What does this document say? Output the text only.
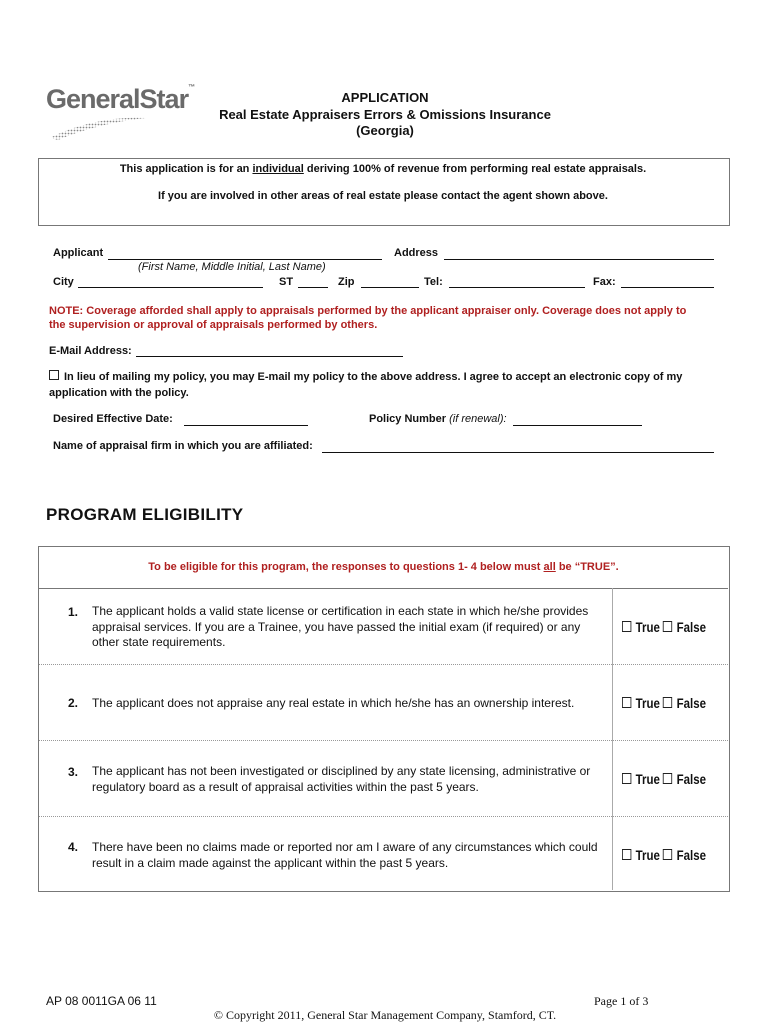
GeneralStar™
APPLICATION
Real Estate Appraisers Errors & Omissions Insurance
(Georgia)
This application is for an individual deriving 100% of revenue from performing real estate appraisals.
If you are involved in other areas of real estate please contact the agent shown above.
Applicant	Address
(First Name, Middle Initial, Last Name)
City	ST	Zip	Tel:	Fax:
NOTE: Coverage afforded shall apply to appraisals performed by the applicant appraiser only. Coverage does not apply to
the supervision or approval of appraisals performed by others.
E-Mail Address:
In lieu of mailing my policy, you may E-mail my policy to the above address. I agree to accept an electronic copy of my
application with the policy.
Desired Effective Date:	Policy Number (if renewal):
Name of appraisal firm in which you are affiliated:
PROGRAM ELIGIBILITY
To be eligible for this program, the responses to questions 1- 4 below must all be “TRUE”.
1. The applicant holds a valid state license or certification in each state in which he/she provides appraisal services. If you are a Trainee, you have passed the initial exam (if required) or any other state requirements.
True False
2. The applicant does not appraise any real estate in which he/she has an ownership interest.	True False
3. The applicant has not been investigated or disciplined by any state licensing, administrative or regulatory board as a result of appraisal activities within the past 5 years.	True False
4. There have been no claims made or reported nor am I aware of any circumstances which could result in a claim made against the applicant within the past 5 years.	True False
AP 08 0011GA 06 11	Page 1 of 3
© Copyright 2011, General Star Management Company, Stamford, CT.
